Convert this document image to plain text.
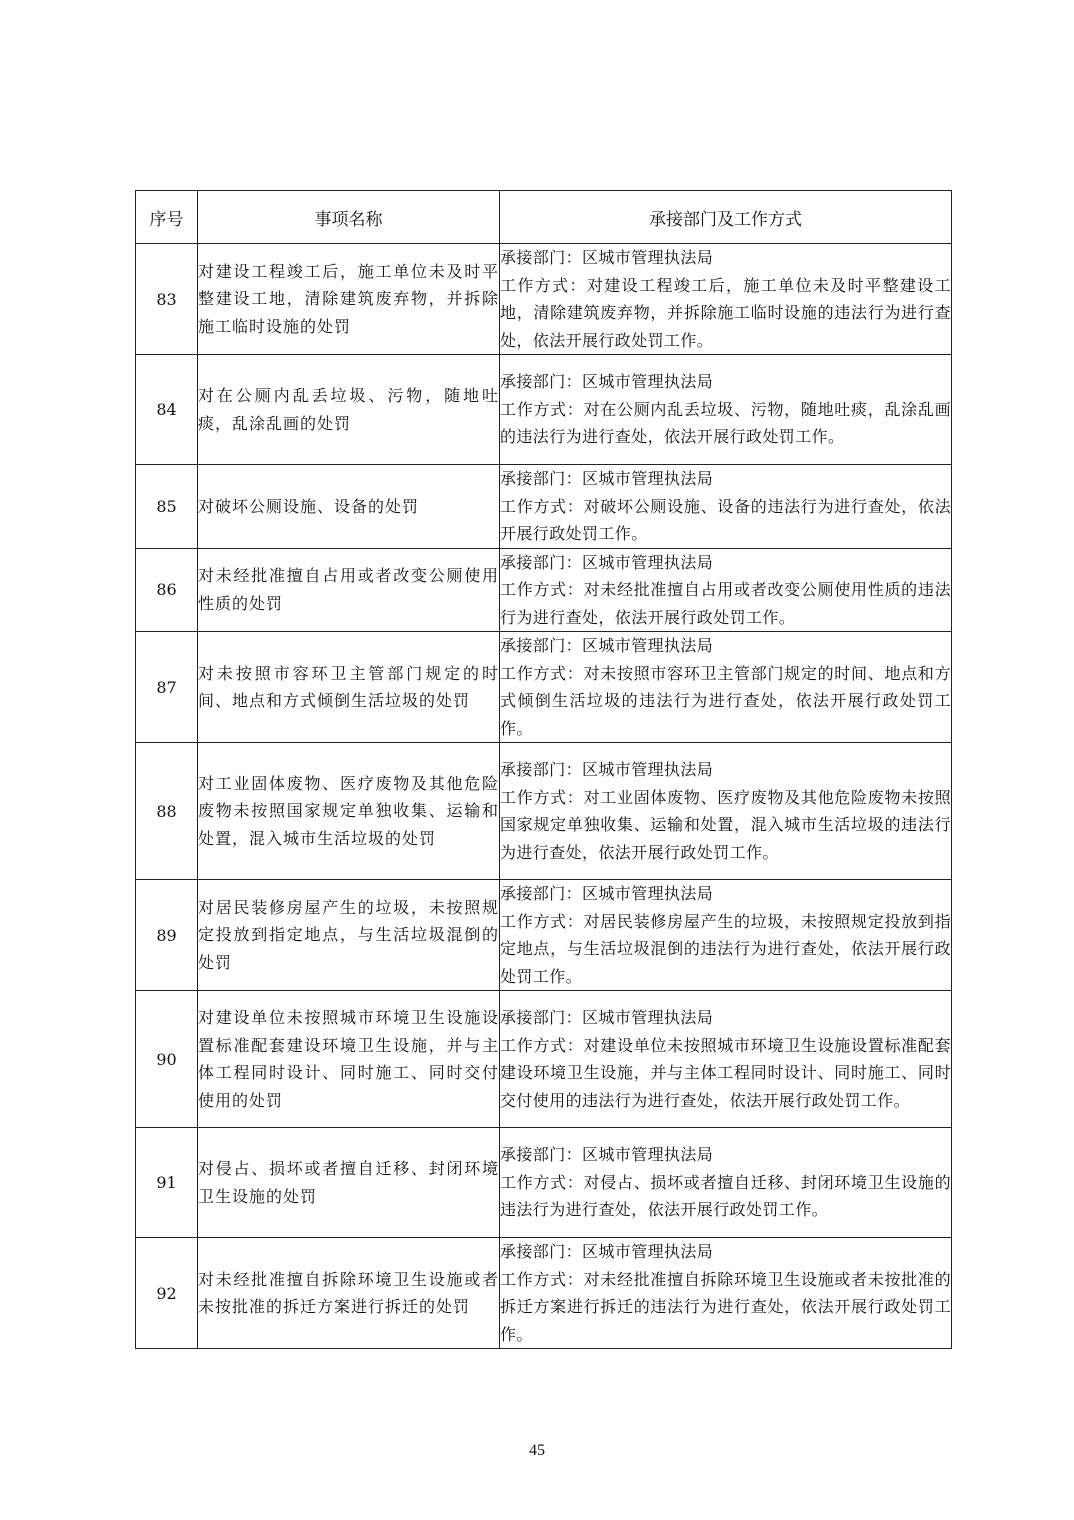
序号	事项名称	承接部门及工作方式
83	对建设工程竣工后，施工单位未及时平整建设工地，清除建筑废弃物，并拆除施工临时设施的处罚	承接部门：区城市管理执法局
工作方式：对建设工程竣工后，施工单位未及时平整建设工地，清除建筑废弃物，并拆除施工临时设施的违法行为进行查处，依法开展行政处罚工作。

84	对在公厕内乱丢垃圾、污物，随地吐痰，乱涂乱画的处罚	承接部门：区城市管理执法局
工作方式：对在公厕内乱丢垃圾、污物，随地吐痰，乱涂乱画的违法行为进行查处，依法开展行政处罚工作。

85	对破坏公厕设施、设备的处罚	承接部门：区城市管理执法局
工作方式：对破坏公厕设施、设备的违法行为进行查处，依法开展行政处罚工作。

86	对未经批准擅自占用或者改变公厕使用性质的处罚	承接部门：区城市管理执法局
工作方式：对未经批准擅自占用或者改变公厕使用性质的违法行为进行查处，依法开展行政处罚工作。

87	对未按照市容环卫主管部门规定的时间、地点和方式倾倒生活垃圾的处罚	承接部门：区城市管理执法局
工作方式：对未按照市容环卫主管部门规定的时间、地点和方式倾倒生活垃圾的违法行为进行查处，依法开展行政处罚工作。

88	对工业固体废物、医疗废物及其他危险废物未按照国家规定单独收集、运输和处置，混入城市生活垃圾的处罚	承接部门：区城市管理执法局
工作方式：对工业固体废物、医疗废物及其他危险废物未按照国家规定单独收集、运输和处置，混入城市生活垃圾的违法行为进行查处，依法开展行政处罚工作。

89	对居民装修房屋产生的垃圾，未按照规定投放到指定地点，与生活垃圾混倒的处罚	承接部门：区城市管理执法局
工作方式：对居民装修房屋产生的垃圾，未按照规定投放到指定地点，与生活垃圾混倒的违法行为进行查处，依法开展行政处罚工作。

90	对建设单位未按照城市环境卫生设施设置标准配套建设环境卫生设施，并与主体工程同时设计、同时施工、同时交付使用的处罚	承接部门：区城市管理执法局
工作方式：对建设单位未按照城市环境卫生设施设置标准配套建设环境卫生设施，并与主体工程同时设计、同时施工、同时交付使用的违法行为进行查处，依法开展行政处罚工作。

91	对侵占、损坏或者擅自迁移、封闭环境卫生设施的处罚	承接部门：区城市管理执法局
工作方式：对侵占、损坏或者擅自迁移、封闭环境卫生设施的违法行为进行查处，依法开展行政处罚工作。

92	对未经批准擅自拆除环境卫生设施或者未按批准的拆迁方案进行拆迁的处罚	承接部门：区城市管理执法局
工作方式：对未经批准擅自拆除环境卫生设施或者未按批准的拆迁方案进行拆迁的违法行为进行查处，依法开展行政处罚工作。
45
